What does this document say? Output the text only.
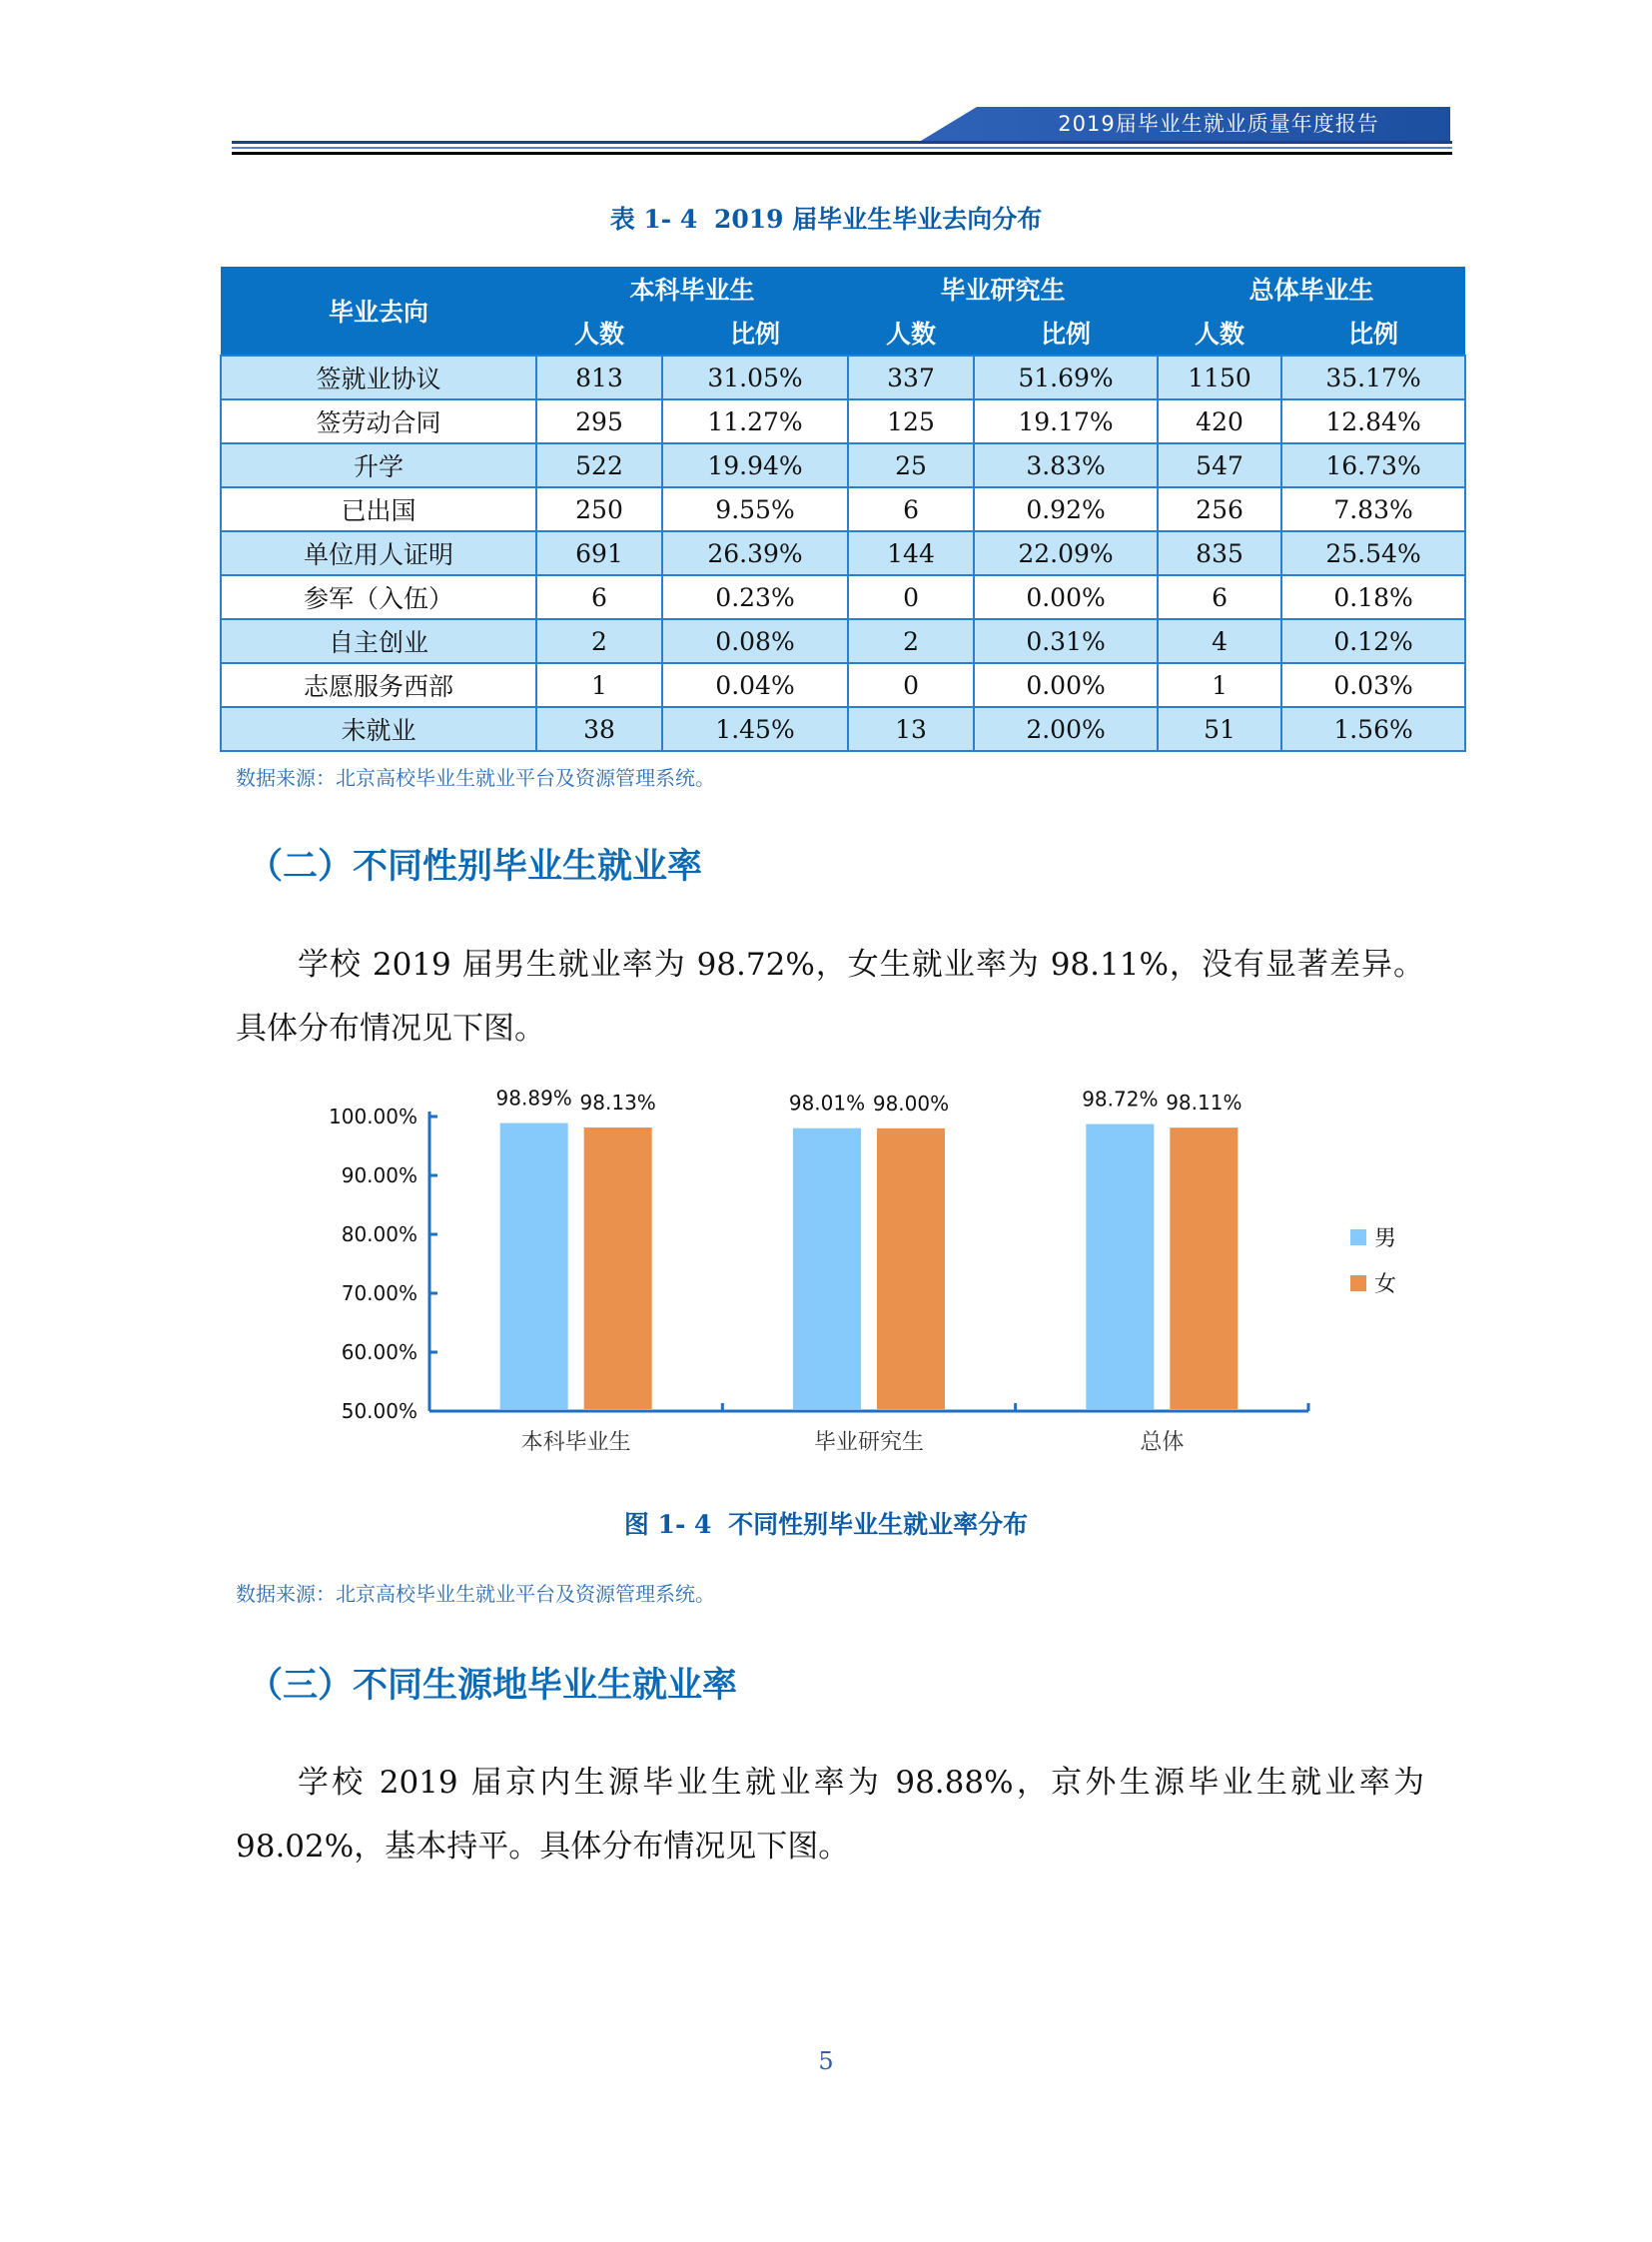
2019届毕业生就业质量年度报告
表 1- 4 2019 届毕业生毕业去向分布
毕业去向	本科毕业生		毕业研究生		总体毕业生	
	人数	比例	人数	比例	人数	比例
签就业协议	813	31.05%	337	51.69%	1150	35.17%
签劳动合同	295	11.27%	125	19.17%	420	12.84%
升学	522	19.94%	25	3.83%	547	16.73%
已出国	250	9.55%	6	0.92%	256	7.83%
单位用人证明	691	26.39%	144	22.09%	835	25.54%
参军（入伍）	6	0.23%	0	0.00%	6	0.18%
自主创业	2	0.08%	2	0.31%	4	0.12%
志愿服务西部	1	0.04%	0	0.00%	1	0.03%
未就业	38	1.45%	13	2.00%	51	1.56%
数据来源：北京高校毕业生就业平台及资源管理系统。
（二）不同性别毕业生就业率

学校 2019 届男生就业率为 98.72%，女生就业率为 98.11%，没有显著差异。具体分布情况见下图。

50.00%
60.00%
70.00%
80.00%
90.00%
100.00%
本科毕业生
98.89% 98.13%
毕业研究生
98.01% 98.00%
总体
98.72% 98.11%
男
女
图 1- 4 不同性别毕业生就业率分布
数据来源：北京高校毕业生就业平台及资源管理系统。
（三）不同生源地毕业生就业率

学校 2019 届京内生源毕业生就业率为 98.88%，京外生源毕业生就业率为 98.02%，基本持平。具体分布情况见下图。

5
